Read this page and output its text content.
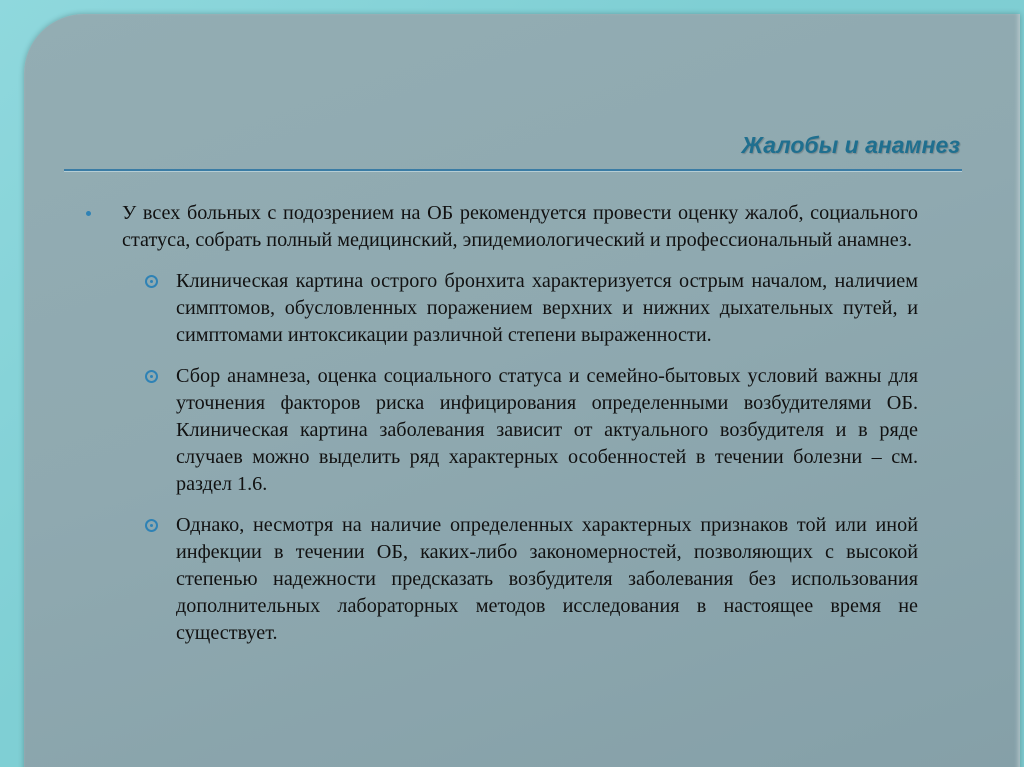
Жалобы и анамнез
У всех больных с подозрением на ОБ рекомендуется провести оценку жалоб, социального статуса, собрать полный медицинский, эпидемиологический и профессиональный анамнез.
Клиническая картина острого бронхита характеризуется острым началом, наличием симптомов, обусловленных поражением верхних и нижних дыхательных путей, и симптомами интоксикации различной степени выраженности.
Сбор анамнеза, оценка социального статуса и семейно-бытовых условий важны для уточнения факторов риска инфицирования определенными возбудителями ОБ. Клиническая картина заболевания зависит от актуального возбудителя и в ряде случаев можно выделить ряд характерных особенностей в течении болезни – см. раздел 1.6.
Однако, несмотря на наличие определенных характерных признаков той или иной инфекции в течении ОБ, каких-либо закономерностей, позволяющих с высокой степенью надежности предсказать возбудителя заболевания без использования дополнительных лабораторных методов исследования в настоящее время не существует.
